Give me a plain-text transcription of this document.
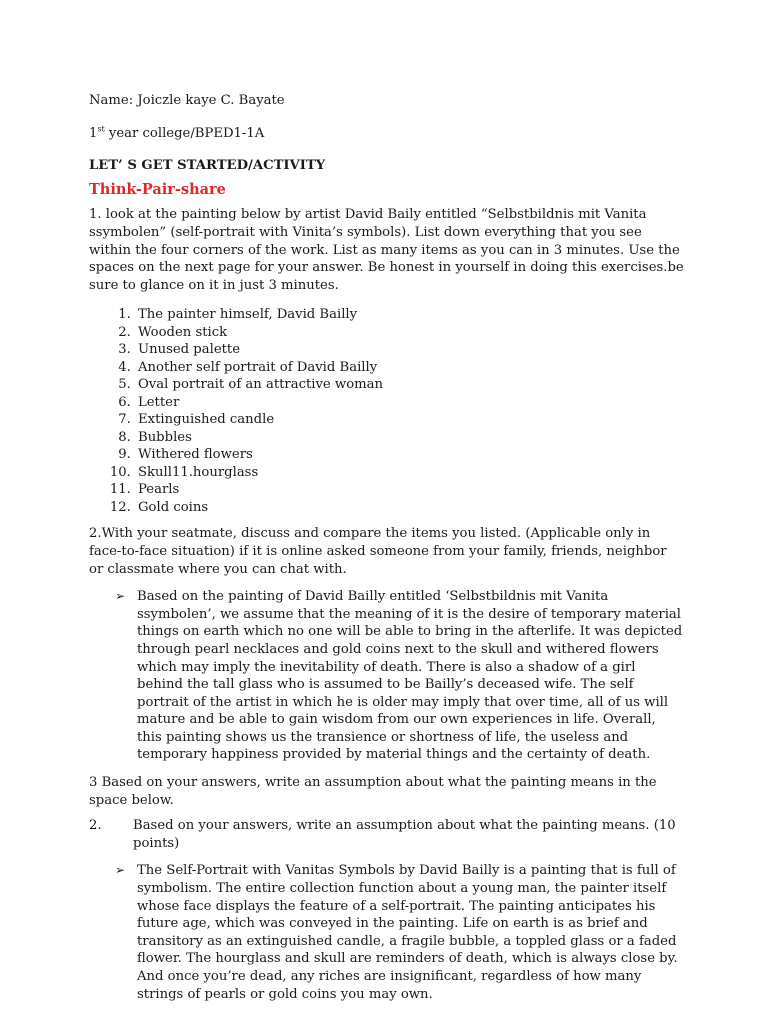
Name: Joiczle kaye C. Bayate

1st year college/BPED1-1A

LET’ S GET STARTED/ACTIVITY

Think-Pair-share

1. look at the painting below by artist David Baily entitled “Selbstbildnis mit Vanita ssymbolen” (self-portrait with Vinita’s symbols). List down everything that you see within the four corners of the work. List as many items as you can in 3 minutes. Use the spaces on the next page for your answer. Be honest in yourself in doing this exercises.be sure to glance on it in just 3 minutes.

1. The painter himself, David Bailly
2. Wooden stick
3. Unused palette
4. Another self portrait of David Bailly
5. Oval portrait of an attractive woman
6. Letter
7. Extinguished candle
8. Bubbles
9. Withered flowers
10. Skull11.hourglass
11. Pearls
12. Gold coins

2.With your seatmate, discuss and compare the items you listed. (Applicable only in face-to-face situation) if it is online asked someone from your family, friends, neighbor or classmate where you can chat with.

➢ Based on the painting of David Bailly entitled ‘Selbstbildnis mit Vanita ssymbolen’, we assume that the meaning of it is the desire of temporary material things on earth which no one will be able to bring in the afterlife. It was depicted through pearl necklaces and gold coins next to the skull and withered flowers which may imply the inevitability of death. There is also a shadow of a girl behind the tall glass who is assumed to be Bailly’s deceased wife. The self portrait of the artist in which he is older may imply that over time, all of us will mature and be able to gain wisdom from our own experiences in life. Overall, this painting shows us the transience or shortness of life, the useless and temporary happiness provided by material things and the certainty of death.

3 Based on your answers, write an assumption about what the painting means in the space below.

2.	Based on your answers, write an assumption about what the painting means. (10 points)
➢ The Self-Portrait with Vanitas Symbols by David Bailly is a painting that is full of symbolism. The entire collection function about a young man, the painter itself whose face displays the feature of a self-portrait. The painting anticipates his future age, which was conveyed in the painting. Life on earth is as brief and transitory as an extinguished candle, a fragile bubble, a toppled glass or a faded flower. The hourglass and skull are reminders of death, which is always close by. And once you’re dead, any riches are insignificant, regardless of how many strings of pearls or gold coins you may own.
